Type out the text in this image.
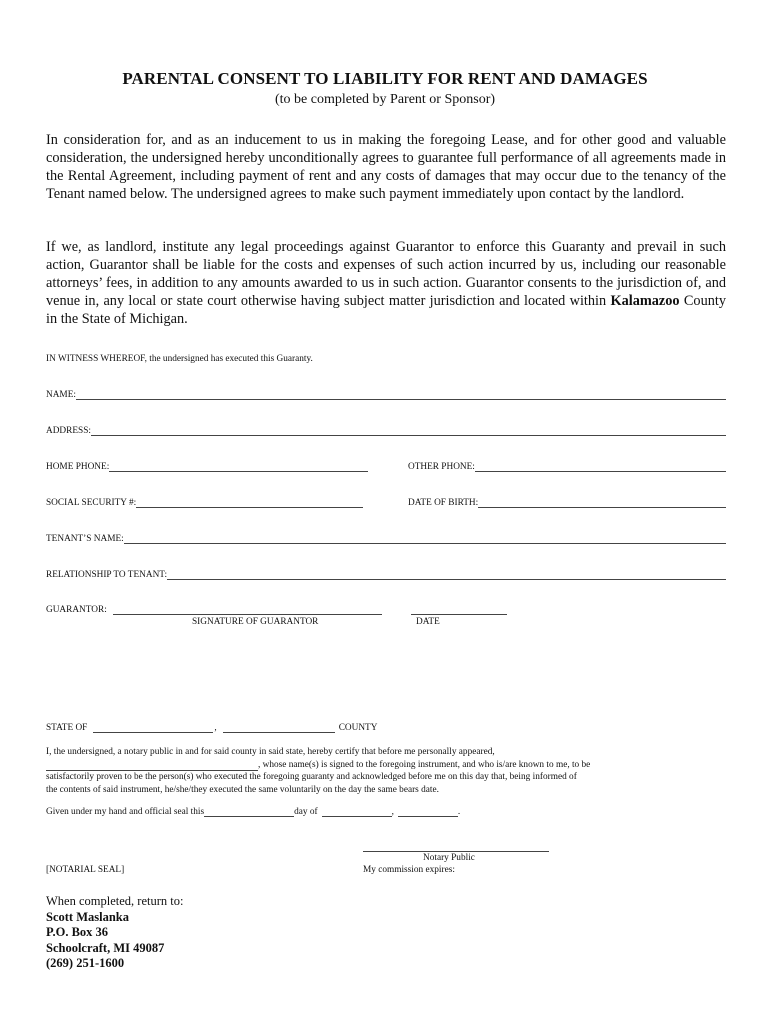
PARENTAL CONSENT TO LIABILITY FOR RENT AND DAMAGES
(to be completed by Parent or Sponsor)
In consideration for, and as an inducement to us in making the foregoing Lease, and for other good and valuable consideration, the undersigned hereby unconditionally agrees to guarantee full performance of all agreements made in the Rental Agreement, including payment of rent and any costs of damages that may occur due to the tenancy of the Tenant named below. The undersigned agrees to make such payment immediately upon contact by the landlord.
If we, as landlord, institute any legal proceedings against Guarantor to enforce this Guaranty and prevail in such action, Guarantor shall be liable for the costs and expenses of such action incurred by us, including our reasonable attorneys’ fees, in addition to any amounts awarded to us in such action. Guarantor consents to the jurisdiction of, and venue in, any local or state court otherwise having subject matter jurisdiction and located within Kalamazoo County in the State of Michigan.
IN WITNESS WHEREOF, the undersigned has executed this Guaranty.
NAME:
ADDRESS:
HOME PHONE:	OTHER PHONE:
SOCIAL SECURITY #:	DATE OF BIRTH:
TENANT’S NAME:
RELATIONSHIP TO TENANT:
GUARANTOR:
SIGNATURE OF GUARANTOR	DATE
STATE OF	,	COUNTY
I, the undersigned, a notary public in and for said county in said state, hereby certify that before me personally appeared,
, whose name(s) is signed to the foregoing instrument, and who is/are known to me, to be
satisfactorily proven to be the person(s) who executed the foregoing guaranty and acknowledged before me on this day that, being informed of
the contents of said instrument, he/she/they executed the same voluntarily on the day the same bears date.
Given under my hand and official seal this	day of	,	.
Notary Public
[NOTARIAL SEAL]	My commission expires:
When completed, return to:
Scott Maslanka
P.O. Box 36
Schoolcraft, MI 49087
(269) 251-1600
